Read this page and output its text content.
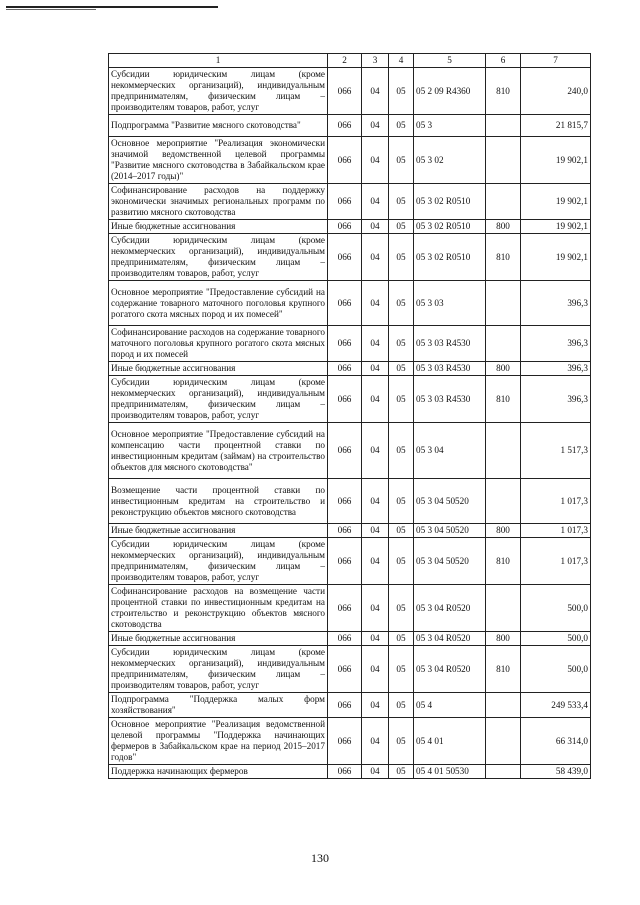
1	2	3	4	5	6	7
Субсидии юридическим лицам (кроме некоммерческих организаций), индивидуальным предпринимателям, физическим лицам – производителям товаров, работ, услуг	066	04	05	05 2 09 R4360	810	240,0
Подпрограмма "Развитие мясного скотоводства"	066	04	05	05 3		21 815,7
Основное мероприятие "Реализация экономически значимой ведомственной целевой программы "Развитие мясного скотоводства в Забайкальском крае (2014–2017 годы)"	066	04	05	05 3 02		19 902,1
Софинансирование расходов на поддержку экономически значимых региональных программ по развитию мясного скотоводства	066	04	05	05 3 02 R0510		19 902,1
Иные бюджетные ассигнования	066	04	05	05 3 02 R0510	800	19 902,1
Субсидии юридическим лицам (кроме некоммерческих организаций), индивидуальным предпринимателям, физическим лицам – производителям товаров, работ, услуг	066	04	05	05 3 02 R0510	810	19 902,1
Основное мероприятие "Предоставление субсидий на содержание товарного маточного поголовья крупного рогатого скота мясных пород и их помесей"	066	04	05	05 3 03		396,3
Софинансирование расходов на содержание товарного маточного поголовья крупного рогатого скота мясных пород и их помесей	066	04	05	05 3 03 R4530		396,3
Иные бюджетные ассигнования	066	04	05	05 3 03 R4530	800	396,3
Субсидии юридическим лицам (кроме некоммерческих организаций), индивидуальным предпринимателям, физическим лицам – производителям товаров, работ, услуг	066	04	05	05 3 03 R4530	810	396,3
Основное мероприятие "Предоставление субсидий на компенсацию части процентной ставки по инвестиционным кредитам (займам) на строительство объектов для мясного скотоводства"	066	04	05	05 3 04		1 517,3
Возмещение части процентной ставки по инвестиционным кредитам на строительство и реконструкцию объектов мясного скотоводства	066	04	05	05 3 04 50520		1 017,3
Иные бюджетные ассигнования	066	04	05	05 3 04 50520	800	1 017,3
Субсидии юридическим лицам (кроме некоммерческих организаций), индивидуальным предпринимателям, физическим лицам – производителям товаров, работ, услуг	066	04	05	05 3 04 50520	810	1 017,3
Софинансирование расходов на возмещение части процентной ставки по инвестиционным кредитам на строительство и реконструкцию объектов мясного скотоводства	066	04	05	05 3 04 R0520		500,0
Иные бюджетные ассигнования	066	04	05	05 3 04 R0520	800	500,0
Субсидии юридическим лицам (кроме некоммерческих организаций), индивидуальным предпринимателям, физическим лицам – производителям товаров, работ, услуг	066	04	05	05 3 04 R0520	810	500,0
Подпрограмма "Поддержка малых форм хозяйствования"	066	04	05	05 4		249 533,4
Основное мероприятие "Реализация ведомственной целевой программы "Поддержка начинающих фермеров в Забайкальском крае на период 2015–2017 годов"	066	04	05	05 4 01		66 314,0
Поддержка начинающих фермеров	066	04	05	05 4 01 50530		58 439,0
130
